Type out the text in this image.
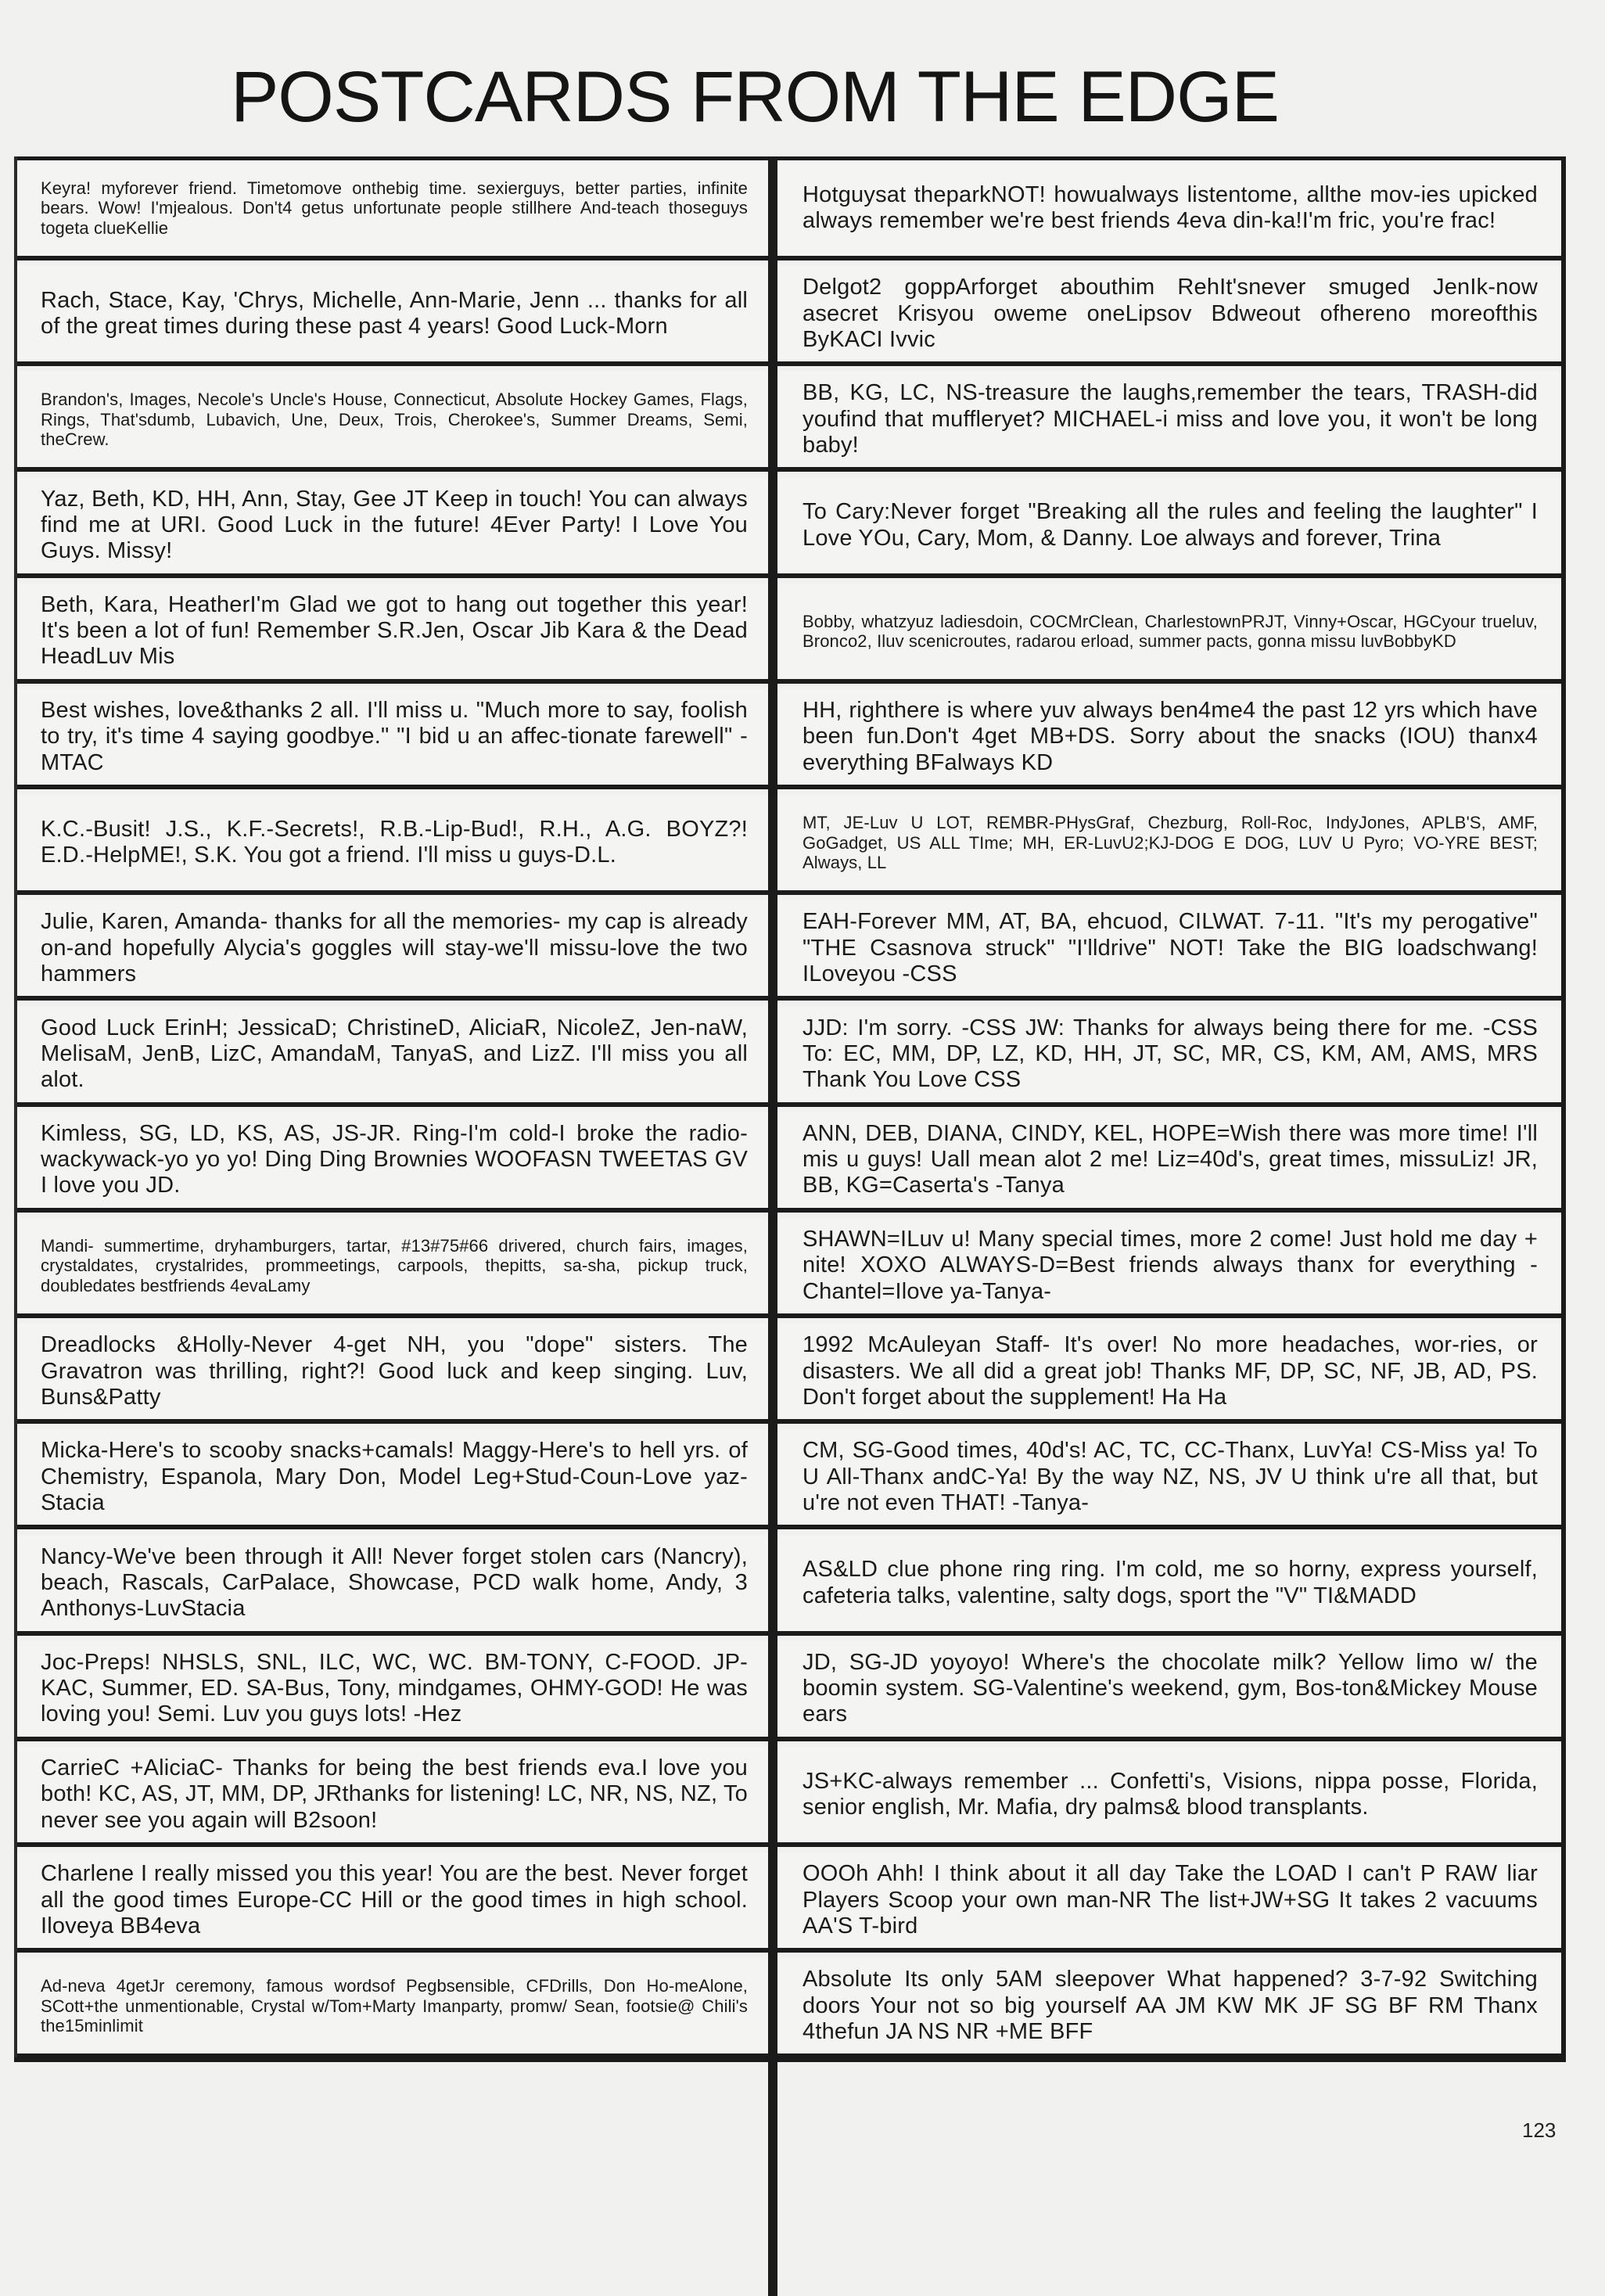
POSTCARDS FROM THE EDGE

Keyra! myforever friend. Timetomove onthebig time. sexierguys, better parties, infinite bears. Wow! I'mjealous. Don't4 getus unfortunate people stillhere And-teach thoseguys togeta clueKellie

Rach, Stace, Kay, 'Chrys, Michelle, Ann-Marie, Jenn ... thanks for all of the great times during these past 4 years! Good Luck-Morn

Brandon's, Images, Necole's Uncle's House, Connecticut, Absolute Hockey Games, Flags, Rings, That'sdumb, Lubavich, Une, Deux, Trois, Cherokee's, Summer Dreams, Semi, theCrew.

Yaz, Beth, KD, HH, Ann, Stay, Gee JT Keep in touch! You can always find me at URI. Good Luck in the future! 4Ever Party! I Love You Guys. Missy!

Beth, Kara, HeatherI'm Glad we got to hang out together this year! It's been a lot of fun! Remember S.R.Jen, Oscar Jib Kara & the Dead HeadLuv Mis

Best wishes, love&thanks 2 all. I'll miss u. "Much more to say, foolish to try, it's time 4 saying goodbye." "I bid u an affec-tionate farewell" -MTAC

K.C.-Busit! J.S., K.F.-Secrets!, R.B.-Lip-Bud!, R.H., A.G. BOYZ?! E.D.-HelpME!, S.K. You got a friend. I'll miss u guys-D.L.

Julie, Karen, Amanda- thanks for all the memories- my cap is already on-and hopefully Alycia's goggles will stay-we'll missu-love the two hammers

Good Luck ErinH; JessicaD; ChristineD, AliciaR, NicoleZ, Jen-naW, MelisaM, JenB, LizC, AmandaM, TanyaS, and LizZ. I'll miss you all alot.

Kimless, SG, LD, KS, AS, JS-JR. Ring-I'm cold-I broke the radio- wackywack-yo yo yo! Ding Ding Brownies WOOFASN TWEETAS GV I love you JD.

Mandi- summertime, dryhamburgers, tartar, #13#75#66 drivered, church fairs, images, crystaldates, crystalrides, prommeetings, carpools, thepitts, sa-sha, pickup truck, doubledates bestfriends 4evaLamy

Dreadlocks &Holly-Never 4-get NH, you "dope" sisters. The Gravatron was thrilling, right?! Good luck and keep singing. Luv, Buns&Patty

Micka-Here's to scooby snacks+camals! Maggy-Here's to hell yrs. of Chemistry, Espanola, Mary Don, Model Leg+Stud-Coun-Love yaz- Stacia

Nancy-We've been through it All! Never forget stolen cars (Nancry), beach, Rascals, CarPalace, Showcase, PCD walk home, Andy, 3 Anthonys-LuvStacia

Joc-Preps! NHSLS, SNL, ILC, WC, WC. BM-TONY, C-FOOD. JP-KAC, Summer, ED. SA-Bus, Tony, mindgames, OHMY-GOD! He was loving you! Semi. Luv you guys lots! -Hez

CarrieC +AliciaC- Thanks for being the best friends eva.I love you both! KC, AS, JT, MM, DP, JRthanks for listening! LC, NR, NS, NZ, To never see you again will B2soon!

Charlene I really missed you this year! You are the best. Never forget all the good times Europe-CC Hill or the good times in high school. Iloveya BB4eva

Ad-neva 4getJr ceremony, famous wordsof Pegbsensible, CFDrills, Don Ho-meAlone, SCott+the unmentionable, Crystal w/Tom+Marty Imanparty, promw/ Sean, footsie@ Chili's the15minlimit

Hotguysat theparkNOT! howualways listentome, allthe mov-ies upicked always remember we're best friends 4eva din-ka!I'm fric, you're frac!

Delgot2 goppArforget abouthim RehIt'snever smuged JenIk-now asecret Krisyou oweme oneLipsov Bdweout ofhereno moreofthis ByKACI Ivvic

BB, KG, LC, NS-treasure the laughs,remember the tears, TRASH-did youfind that muffleryet? MICHAEL-i miss and love you, it won't be long baby!

To Cary:Never forget "Breaking all the rules and feeling the laughter" I Love YOu, Cary, Mom, & Danny. Loe always and forever, Trina

Bobby, whatzyuz ladiesdoin, COCMrClean, CharlestownPRJT, Vinny+Oscar, HGCyour trueluv, Bronco2, Iluv scenicroutes, radarou erload, summer pacts, gonna missu luvBobbyKD

HH, righthere is where yuv always ben4me4 the past 12 yrs which have been fun.Don't 4get MB+DS. Sorry about the snacks (IOU) thanx4 everything BFalways KD

MT, JE-Luv U LOT, REMBR-PHysGraf, Chezburg, Roll-Roc, IndyJones, APLB'S, AMF, GoGadget, US ALL TIme; MH, ER-LuvU2;KJ-DOG E DOG, LUV U Pyro; VO-YRE BEST; Always, LL

EAH-Forever MM, AT, BA, ehcuod, CILWAT. 7-11. "It's my perogative" "THE Csasnova struck" "I'lldrive" NOT! Take the BIG loadschwang! ILoveyou -CSS

JJD: I'm sorry. -CSS JW: Thanks for always being there for me. -CSS To: EC, MM, DP, LZ, KD, HH, JT, SC, MR, CS, KM, AM, AMS, MRS Thank You Love CSS

ANN, DEB, DIANA, CINDY, KEL, HOPE=Wish there was more time! I'll mis u guys! Uall mean alot 2 me! Liz=40d's, great times, missuLiz! JR, BB, KG=Caserta's -Tanya

SHAWN=ILuv u! Many special times, more 2 come! Just hold me day + nite! XOXO ALWAYS-D=Best friends always thanx for everything -Chantel=Ilove ya-Tanya-

1992 McAuleyan Staff- It's over! No more headaches, wor-ries, or disasters. We all did a great job! Thanks MF, DP, SC, NF, JB, AD, PS. Don't forget about the supplement! Ha Ha

CM, SG-Good times, 40d's! AC, TC, CC-Thanx, LuvYa! CS-Miss ya! To U All-Thanx andC-Ya! By the way NZ, NS, JV U think u're all that, but u're not even THAT! -Tanya-

AS&LD clue phone ring ring. I'm cold, me so horny, express yourself, cafeteria talks, valentine, salty dogs, sport the "V" TI&MADD

JD, SG-JD yoyoyo! Where's the chocolate milk? Yellow limo w/ the boomin system. SG-Valentine's weekend, gym, Bos-ton&Mickey Mouse ears

JS+KC-always remember ... Confetti's, Visions, nippa posse, Florida, senior english, Mr. Mafia, dry palms& blood transplants.

OOOh Ahh! I think about it all day Take the LOAD I can't P RAW liar Players Scoop your own man-NR The list+JW+SG It takes 2 vacuums AA'S T-bird

Absolute Its only 5AM sleepover What happened? 3-7-92 Switching doors Your not so big yourself AA JM KW MK JF SG BF RM Thanx 4thefun JA NS NR +ME BFF

123
